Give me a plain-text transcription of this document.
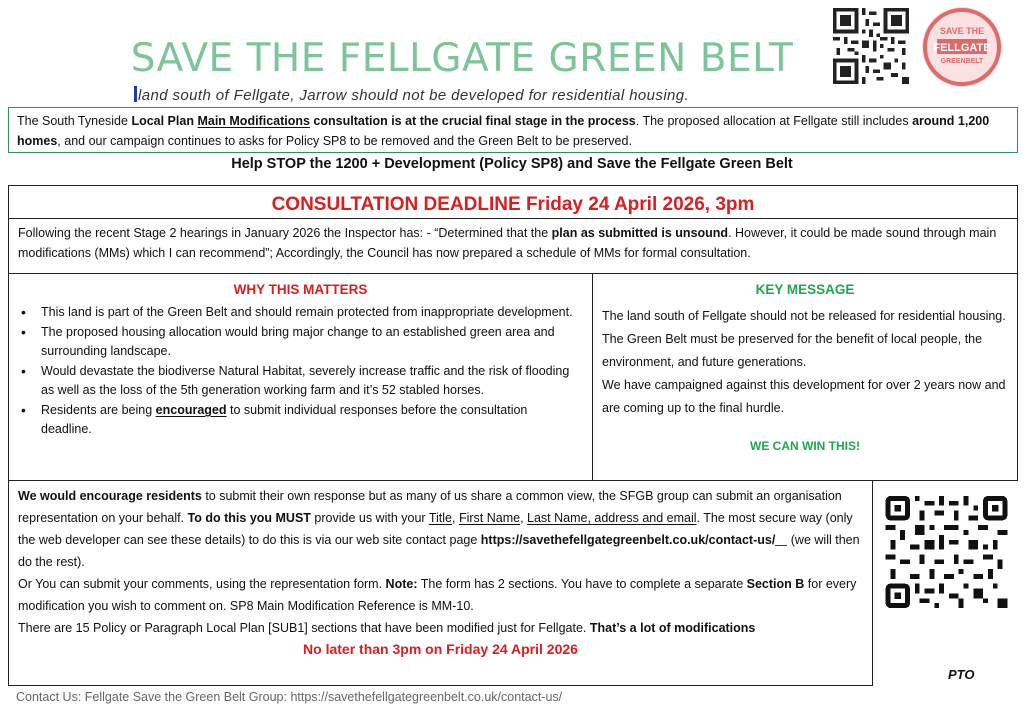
SAVE THE FELLGATE GREEN BELT
land south of Fellgate, Jarrow should not be developed for residential housing.
SAVE THE
FELLGATE
GREENBELT
The South Tyneside Local Plan Main Modifications consultation is at the crucial final stage in the process. The proposed allocation at Fellgate still includes around 1,200 homes, and our campaign continues to asks for Policy SP8 to be removed and the Green Belt to be preserved.
Help STOP the 1200 + Development (Policy SP8) and Save the Fellgate Green Belt
CONSULTATION DEADLINE Friday 24 April 2026, 3pm
Following the recent Stage 2 hearings in January 2026 the Inspector has: - “Determined that the plan as submitted is unsound. However, it could be made sound through main modifications (MMs) which I can recommend”; Accordingly, the Council has now prepared a schedule of MMs for formal consultation.
WHY THIS MATTERS
• This land is part of the Green Belt and should remain protected from inappropriate development.
• The proposed housing allocation would bring major change to an established green area and surrounding landscape.
• Would devastate the biodiverse Natural Habitat, severely increase traffic and the risk of flooding as well as the loss of the 5th generation working farm and it’s 52 stabled horses.
• Residents are being encouraged to submit individual responses before the consultation deadline.
KEY MESSAGE
The land south of Fellgate should not be released for residential housing. The Green Belt must be preserved for the benefit of local people, the environment, and future generations.
We have campaigned against this development for over 2 years now and are coming up to the final hurdle.
WE CAN WIN THIS!
We would encourage residents to submit their own response but as many of us share a common view, the SFGB group can submit an organisation representation on your behalf. To do this you MUST provide us with your Title, First Name, Last Name, address and email. The most secure way (only the web developer can see these details) to do this is via our web site contact page https://savethefellgategreenbelt.co.uk/contact-us/ (we will then do the rest).
Or You can submit your comments, using the representation form. Note: The form has 2 sections. You have to complete a separate Section B for every modification you wish to comment on. SP8 Main Modification Reference is MM-10.
There are 15 Policy or Paragraph Local Plan [SUB1] sections that have been modified just for Fellgate. That’s a lot of modifications
No later than 3pm on Friday 24 April 2026
PTO
Contact Us: Fellgate Save the Green Belt Group: https://savethefellgategreenbelt.co.uk/contact-us/
